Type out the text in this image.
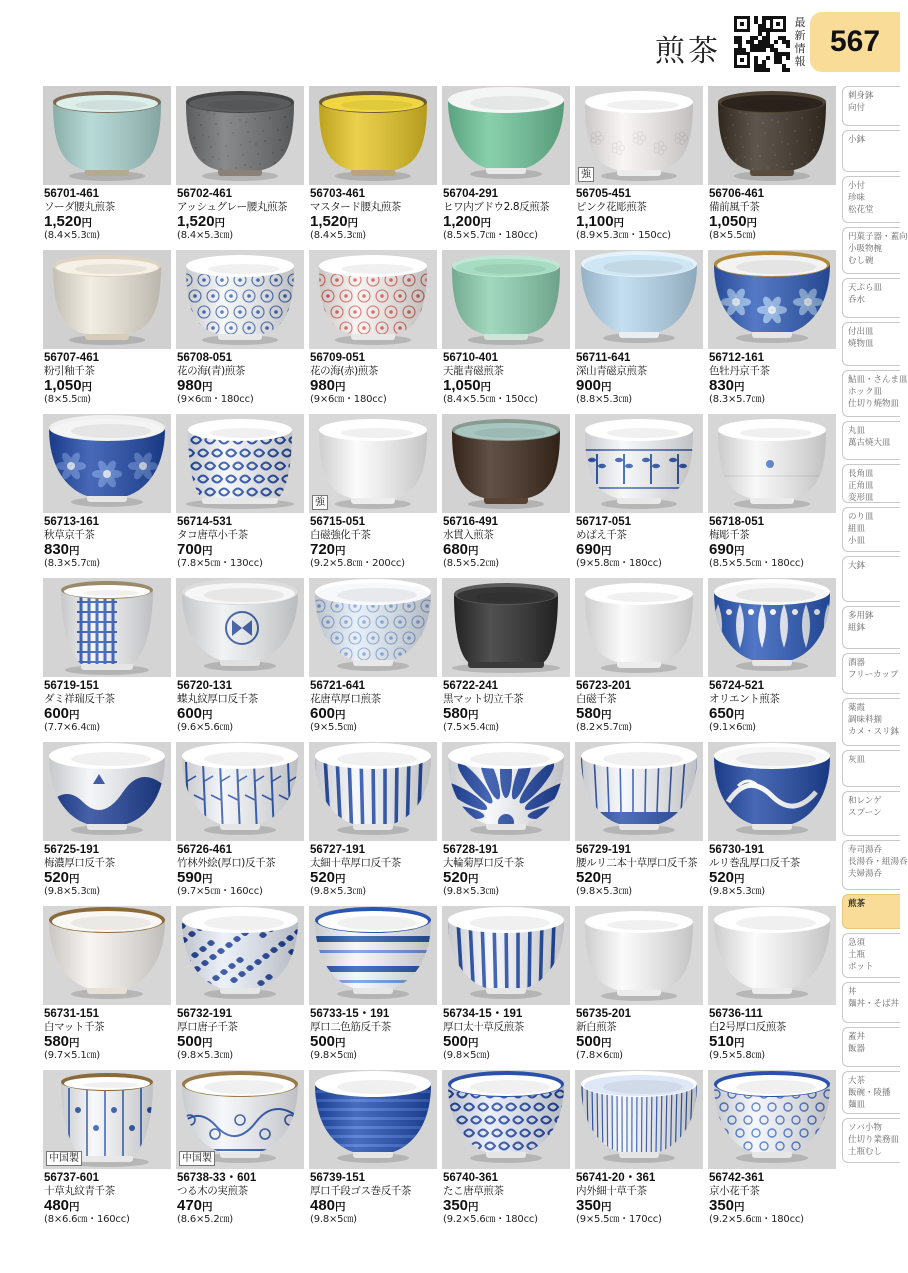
煎茶
最
新
情
報
567
56701-461
ソーダ腰丸煎茶
1,520円
(8.4×5.3㎝)
56702-461
アッシュグレー腰丸煎茶
1,520円
(8.4×5.3㎝)
56703-461
マスタード腰丸煎茶
1,520円
(8.4×5.3㎝)
56704-291
ヒワ内ブドウ2.8反煎茶
1,200円
(8.5×5.7㎝・180cc)
強
56705-451
ピンク花彫煎茶
1,100円
(8.9×5.3㎝・150cc)
56706-461
備前風千茶
1,050円
(8×5.5㎝)
56707-461
粉引釉千茶
1,050円
(8×5.5㎝)
56708-051
花の海(青)煎茶
980円
(9×6㎝・180cc)
56709-051
花の海(赤)煎茶
980円
(9×6㎝・180cc)
56710-401
天龍青磁煎茶
1,050円
(8.4×5.5㎝・150cc)
56711-641
深山青磁京煎茶
900円
(8.8×5.3㎝)
56712-161
色牡丹京千茶
830円
(8.3×5.7㎝)
56713-161
秋草京千茶
830円
(8.3×5.7㎝)
56714-531
タコ唐草小千茶
700円
(7.8×5㎝・130cc)
強
56715-051
白磁強化千茶
720円
(9.2×5.8㎝・200cc)
56716-491
水貫入煎茶
680円
(8.5×5.2㎝)
56717-051
めばえ千茶
690円
(9×5.8㎝・180cc)
56718-051
梅彫千茶
690円
(8.5×5.5㎝・180cc)
56719-151
ダミ祥瑞反千茶
600円
(7.7×6.4㎝)
56720-131
蝶丸紋厚口反千茶
600円
(9.6×5.6㎝)
56721-641
花唐草厚口煎茶
600円
(9×5.5㎝)
56722-241
黒マット切立千茶
580円
(7.5×5.4㎝)
56723-201
白磁千茶
580円
(8.2×5.7㎝)
56724-521
オリエント煎茶
650円
(9.1×6㎝)
56725-191
梅濃厚口反千茶
520円
(9.8×5.3㎝)
56726-461
竹林外絵(厚口)反千茶
590円
(9.7×5㎝・160cc)
56727-191
太細十草厚口反千茶
520円
(9.8×5.3㎝)
56728-191
大輪菊厚口反千茶
520円
(9.8×5.3㎝)
56729-191
腰ルリ二本十草厚口反千茶
520円
(9.8×5.3㎝)
56730-191
ルリ巻乱厚口反千茶
520円
(9.8×5.3㎝)
56731-151
白マット千茶
580円
(9.7×5.1㎝)
56732-191
厚口唐子千茶
500円
(9.8×5.3㎝)
56733-15・191
厚口二色筋反千茶
500円
(9.8×5㎝)
56734-15・191
厚口太十草反煎茶
500円
(9.8×5㎝)
56735-201
新白煎茶
500円
(7.8×6㎝)
56736-111
白2号厚口反煎茶
510円
(9.5×5.8㎝)
中国製
56737-601
十草丸紋青千茶
480円
(8×6.6㎝・160cc)
中国製
56738-33・601
つる木の実煎茶
470円
(8.6×5.2㎝)
56739-151
厚口千段ゴス巻反千茶
480円
(9.8×5㎝)
56740-361
たこ唐草煎茶
350円
(9.2×5.6㎝・180cc)
56741-20・361
内外細十草千茶
350円
(9×5.5㎝・170cc)
56742-361
京小花千茶
350円
(9.2×5.6㎝・180cc)
刺身鉢
向付
小鉢
小付
珍味
松花堂
円菓子器・蓋向
小吸物椀
むし碗
天ぷら皿
呑水
付出皿
焼物皿
鮎皿・さんま皿
ホック皿
仕切り焼物皿
丸皿
萬古焼大皿
長角皿
正角皿
変形皿
のり皿
組皿
小皿
大鉢
多用鉢
組鉢
酒器
フリーカップ
薬霞
調味料揃
カメ・スリ鉢
灰皿
和レンゲ
スプーン
寿司湯呑
長湯呑・組湯呑
夫婦湯呑
煎茶
急須
土瓶
ポット
丼
麺丼・そば丼
蓋丼
飯器
大茶
飯碗・陵播
麺皿
ソバ小物
仕切り業務皿
土瓶むし
